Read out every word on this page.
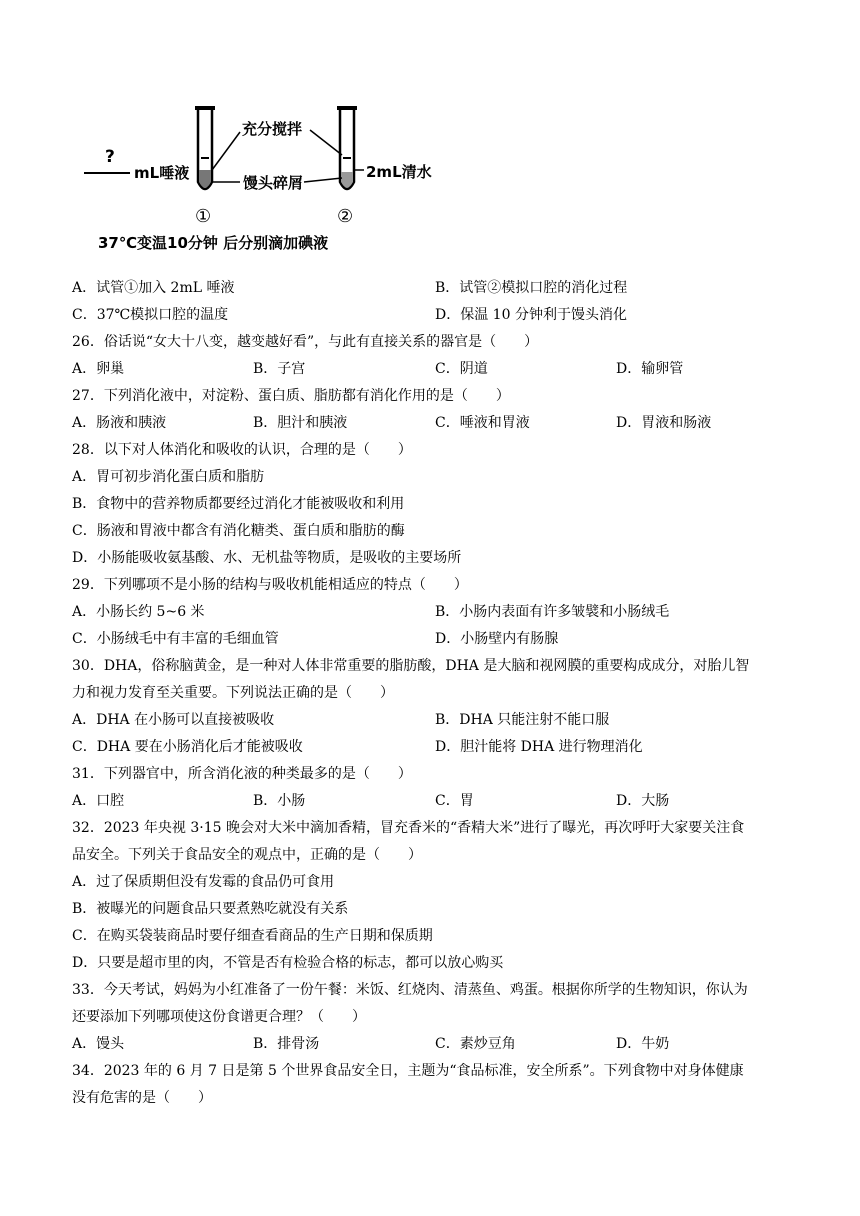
?
mL唾液
充分搅拌
馒头碎屑
2mL清水
①	②
37℃变温10分钟 后分别滴加碘液
A．试管①加入 2mL 唾液	B．试管②模拟口腔的消化过程
C．37℃模拟口腔的温度	D．保温 10 分钟利于馒头消化
26．俗话说“女大十八变，越变越好看”，与此有直接关系的器官是（　　）
A．卵巢	B．子宫	C．阴道	D．输卵管
27．下列消化液中，对淀粉、蛋白质、脂肪都有消化作用的是（　　）
A．肠液和胰液	B．胆汁和胰液	C．唾液和胃液	D．胃液和肠液
28．以下对人体消化和吸收的认识，合理的是（　　）
A．胃可初步消化蛋白质和脂肪
B．食物中的营养物质都要经过消化才能被吸收和利用
C．肠液和胃液中都含有消化糖类、蛋白质和脂肪的酶
D．小肠能吸收氨基酸、水、无机盐等物质，是吸收的主要场所
29．下列哪项不是小肠的结构与吸收机能相适应的特点（　　）
A．小肠长约 5~6 米	B．小肠内表面有许多皱襞和小肠绒毛
C．小肠绒毛中有丰富的毛细血管	D．小肠壁内有肠腺
30．DHA，俗称脑黄金，是一种对人体非常重要的脂肪酸，DHA 是大脑和视网膜的重要构成成分，对胎儿智
力和视力发育至关重要。下列说法正确的是（　　）
A．DHA 在小肠可以直接被吸收	B．DHA 只能注射不能口服
C．DHA 要在小肠消化后才能被吸收	D．胆汁能将 DHA 进行物理消化
31．下列器官中，所含消化液的种类最多的是（　　）
A．口腔	B．小肠	C．胃	D．大肠
32．2023 年央视 3·15 晚会对大米中滴加香精，冒充香米的“香精大米”进行了曝光，再次呼吁大家要关注食
品安全。下列关于食品安全的观点中，正确的是（　　）
A．过了保质期但没有发霉的食品仍可食用
B．被曝光的问题食品只要煮熟吃就没有关系
C．在购买袋装商品时要仔细查看商品的生产日期和保质期
D．只要是超市里的肉，不管是否有检验合格的标志，都可以放心购买
33．今天考试，妈妈为小红准备了一份午餐：米饭、红烧肉、清蒸鱼、鸡蛋。根据你所学的生物知识，你认为
还要添加下列哪项使这份食谱更合理？（　　）
A．馒头	B．排骨汤	C．素炒豆角	D．牛奶
34．2023 年的 6 月 7 日是第 5 个世界食品安全日，主题为“食品标准，安全所系”。下列食物中对身体健康
没有危害的是（　　）
